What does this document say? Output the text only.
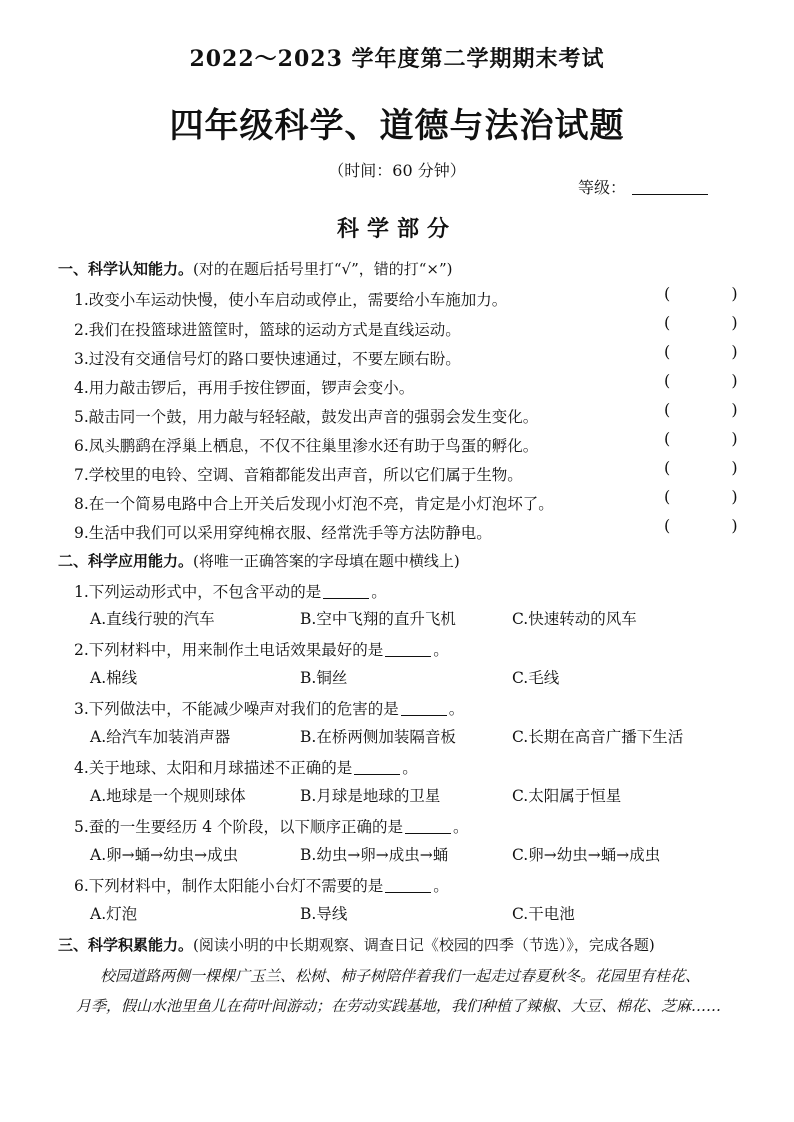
2022～2023 学年度第二学期期末考试
四年级科学、道德与法治试题
（时间：60 分钟）
等级：
科学部分
一、科学认知能力。(对的在题后括号里打“√”，错的打“×”)
1.改变小车运动快慢，使小车启动或停止，需要给小车施加力。	( )
2.我们在投篮球进篮筐时，篮球的运动方式是直线运动。	( )
3.过没有交通信号灯的路口要快速通过，不要左顾右盼。	( )
4.用力敲击锣后，再用手按住锣面，锣声会变小。	( )
5.敲击同一个鼓，用力敲与轻轻敲，鼓发出声音的强弱会发生变化。	( )
6.凤头鹏鹞在浮巢上栖息，不仅不往巢里渗水还有助于鸟蛋的孵化。	( )
7.学校里的电铃、空调、音箱都能发出声音，所以它们属于生物。	( )
8.在一个简易电路中合上开关后发现小灯泡不亮，肯定是小灯泡坏了。	( )
9.生活中我们可以采用穿纯棉衣服、经常洗手等方法防静电。	( )
二、科学应用能力。(将唯一正确答案的字母填在题中横线上)
1.下列运动形式中，不包含平动的是	。
A.直线行驶的汽车	B.空中飞翔的直升飞机	C.快速转动的风车
2.下列材料中，用来制作土电话效果最好的是	。
A.棉线	B.铜丝	C.毛线
3.下列做法中，不能减少噪声对我们的危害的是	。
A.给汽车加装消声器	B.在桥两侧加装隔音板	C.长期在高音广播下生活
4.关于地球、太阳和月球描述不正确的是	。
A.地球是一个规则球体	B.月球是地球的卫星	C.太阳属于恒星
5.蚕的一生要经历 4 个阶段，以下顺序正确的是	。
A.卵→蛹→幼虫→成虫	B.幼虫→卵→成虫→蛹	C.卵→幼虫→蛹→成虫
6.下列材料中，制作太阳能小台灯不需要的是	。
A.灯泡	B.导线	C.干电池
三、科学积累能力。(阅读小明的中长期观察、调查日记《校园的四季（节选）》，完成各题)
校园道路两侧一棵棵广玉兰、松树、柿子树陪伴着我们一起走过春夏秋冬。花园里有桂花、
月季，假山水池里鱼儿在荷叶间游动；在劳动实践基地，我们种植了辣椒、大豆、棉花、芝麻……
